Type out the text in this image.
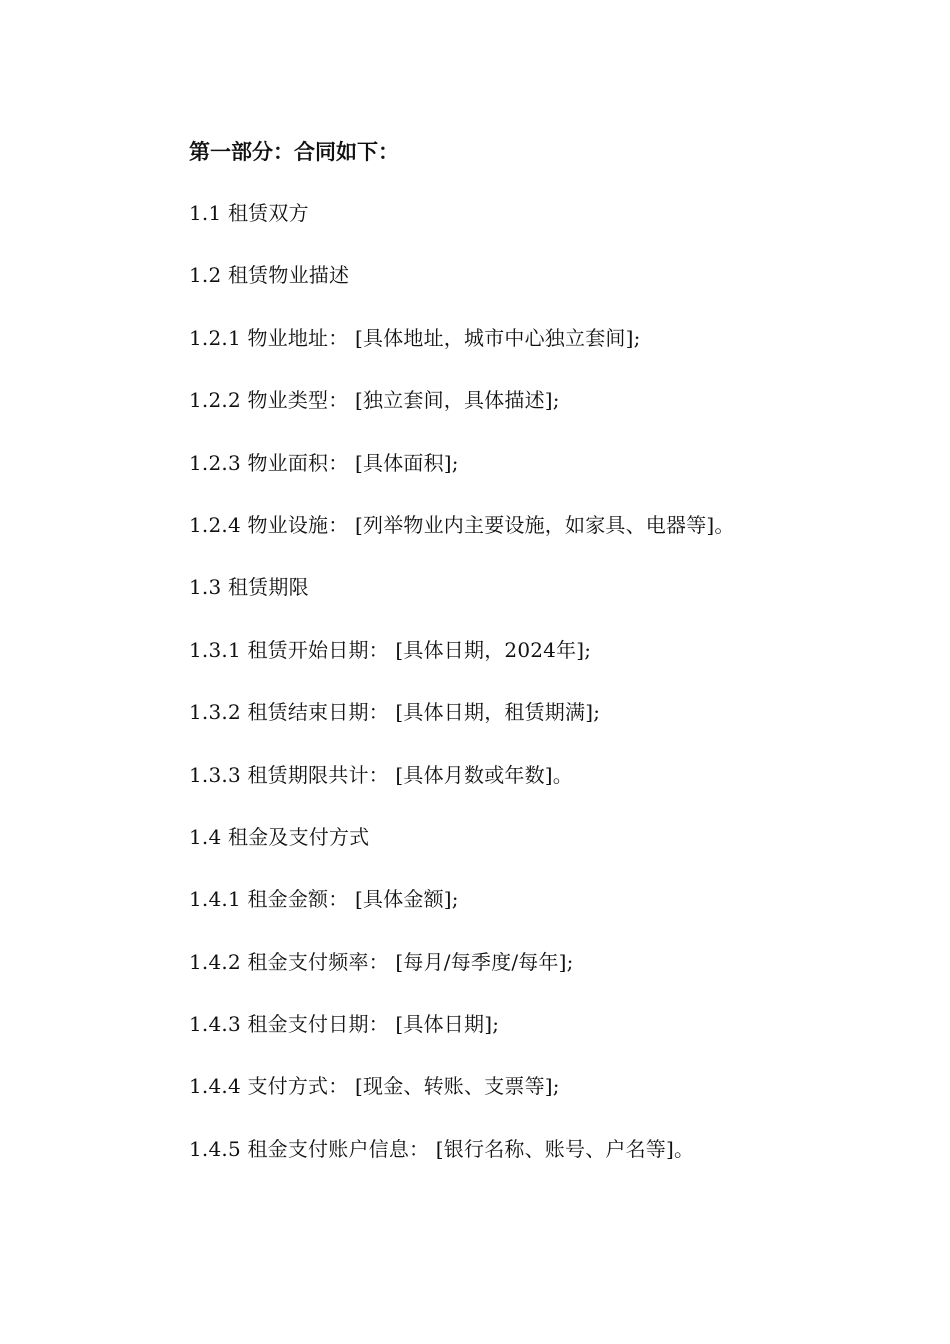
第一部分：合同如下：
1.1 租赁双方
1.2 租赁物业描述
1.2.1 物业地址： [具体地址，城市中心独立套间];
1.2.2 物业类型： [独立套间，具体描述];
1.2.3 物业面积： [具体面积];
1.2.4 物业设施： [列举物业内主要设施，如家具、电器等]。
1.3 租赁期限
1.3.1 租赁开始日期： [具体日期，2024年];
1.3.2 租赁结束日期： [具体日期，租赁期满];
1.3.3 租赁期限共计： [具体月数或年数]。
1.4 租金及支付方式
1.4.1 租金金额： [具体金额];
1.4.2 租金支付频率： [每月/每季度/每年];
1.4.3 租金支付日期： [具体日期];
1.4.4 支付方式： [现金、转账、支票等];
1.4.5 租金支付账户信息： [银行名称、账号、户名等]。
